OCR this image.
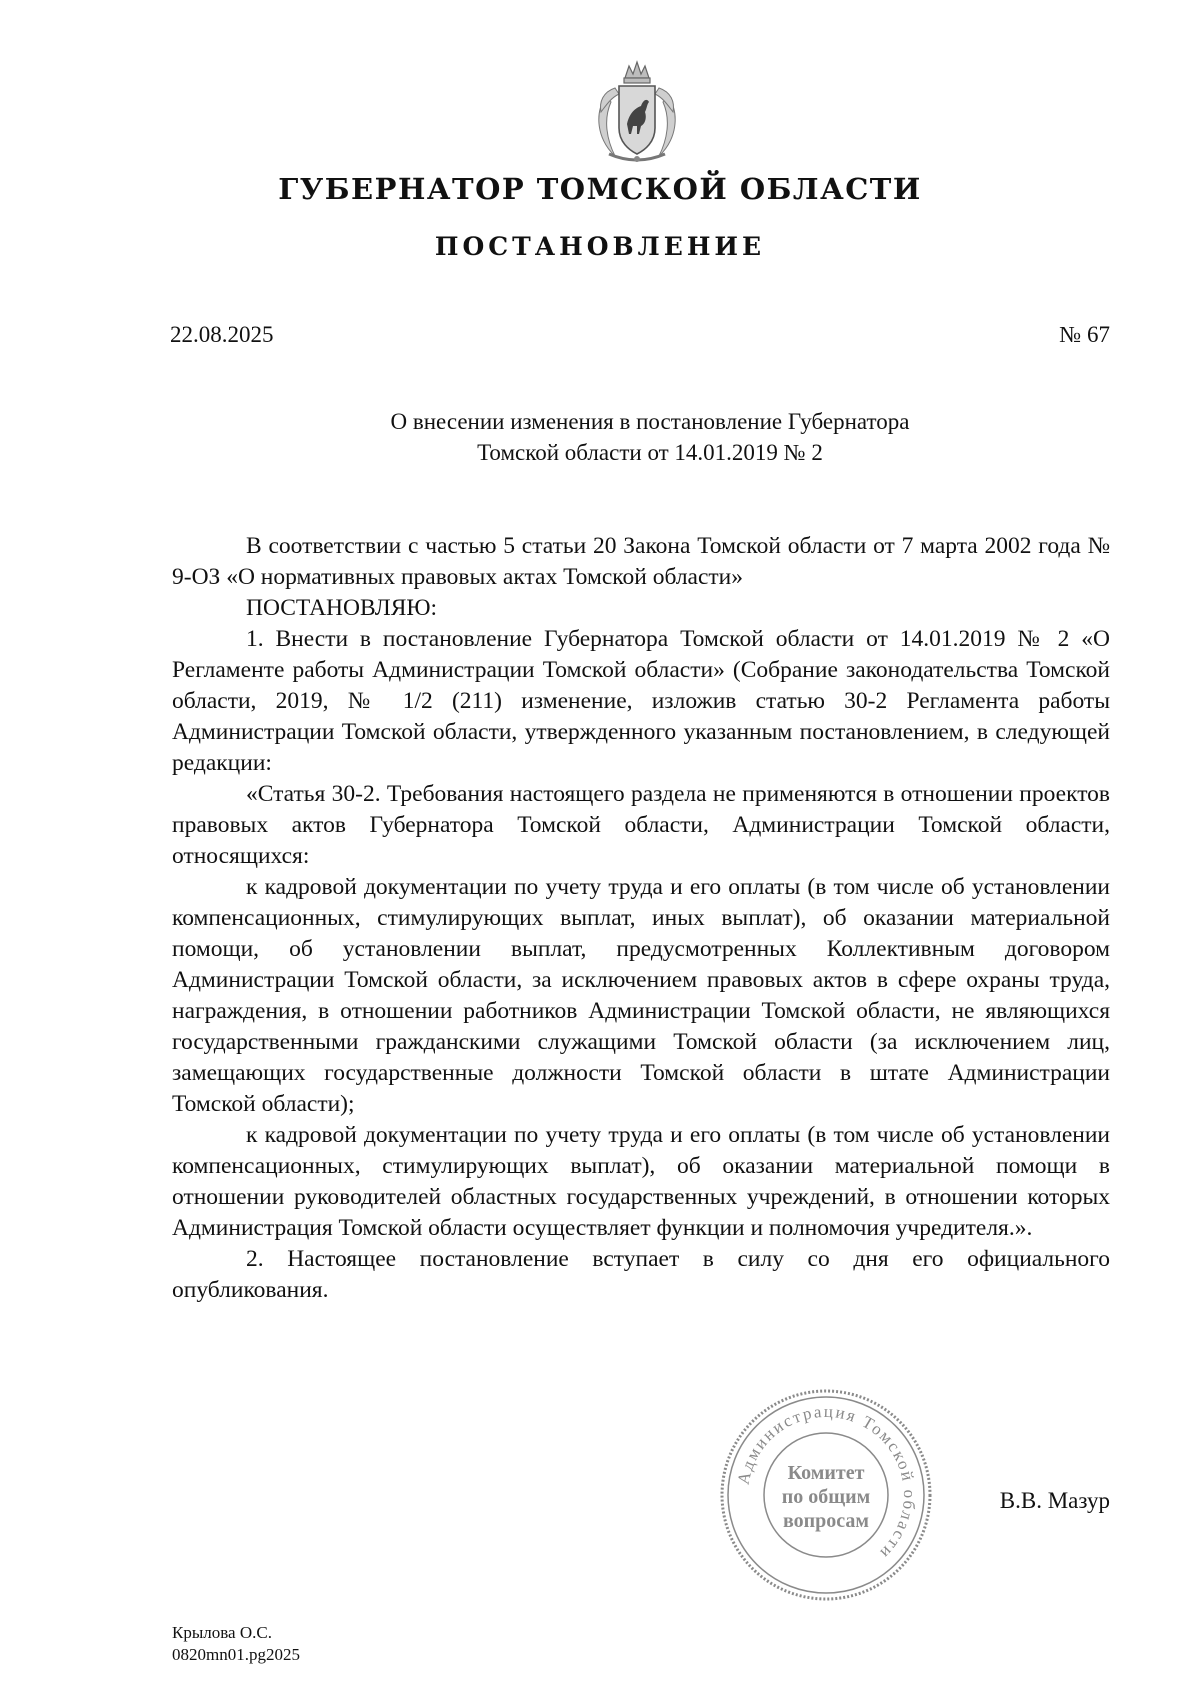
ГУБЕРНАТОР ТОМСКОЙ ОБЛАСТИ
ПОСТАНОВЛЕНИЕ
22.08.2025	№ 67
О внесении изменения в постановление Губернатора
Томской области от 14.01.2019 № 2

В соответствии с частью 5 статьи 20 Закона Томской области от 7 марта 2002 года № 9-ОЗ «О нормативных правовых актах Томской области»

ПОСТАНОВЛЯЮ:

1. Внести в постановление Губернатора Томской области от 14.01.2019 № 2 «О Регламенте работы Администрации Томской области» (Собрание законодательства Томской области, 2019, № 1/2 (211) изменение, изложив статью 30-2 Регламента работы Администрации Томской области, утвержденного указанным постановлением, в следующей редакции:

«Статья 30-2. Требования настоящего раздела не применяются в отношении проектов правовых актов Губернатора Томской области, Администрации Томской области, относящихся:

к кадровой документации по учету труда и его оплаты (в том числе об установлении компенсационных, стимулирующих выплат, иных выплат), об оказании материальной помощи, об установлении выплат, предусмотренных Коллективным договором Администрации Томской области, за исключением правовых актов в сфере охраны труда, награждения, в отношении работников Администрации Томской области, не являющихся государственными гражданскими служащими Томской области (за исключением лиц, замещающих государственные должности Томской области в штате Администрации Томской области);

к кадровой документации по учету труда и его оплаты (в том числе об установлении компенсационных, стимулирующих выплат), об оказании материальной помощи в отношении руководителей областных государственных учреждений, в отношении которых Администрация Томской области осуществляет функции и полномочия учредителя.».

2. Настоящее постановление вступает в силу со дня его официального опубликования.

Администрация Томской области
Комитет
по общим
вопросам
В.В. Мазур
Крылова О.С.
0820mn01.pg2025
